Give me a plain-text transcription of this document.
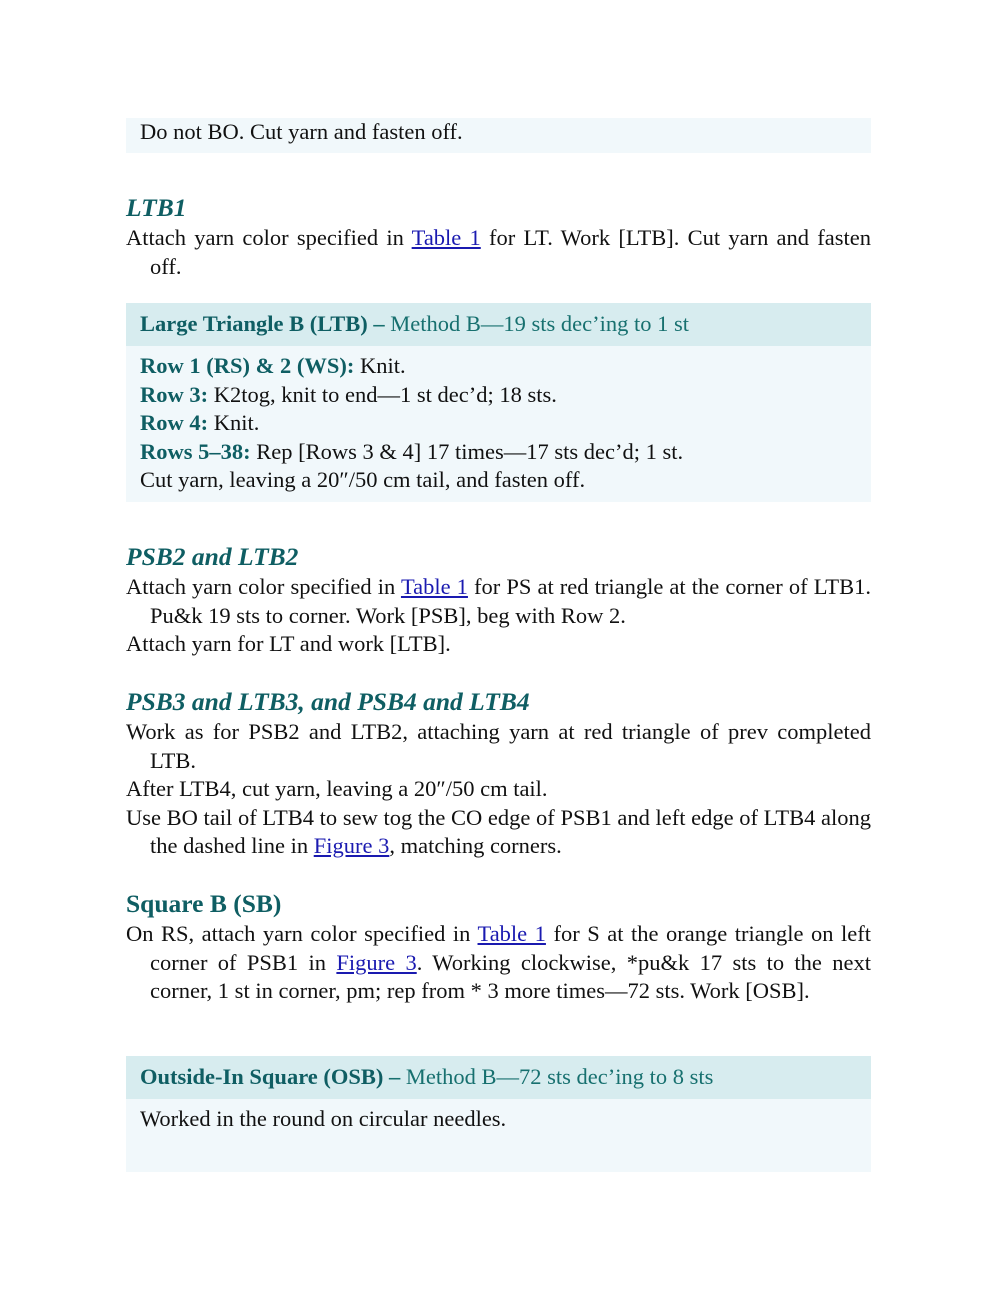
Do not BO. Cut yarn and fasten off.
LTB1

Attach yarn color specified in Table 1 for LT. Work [LTB]. Cut yarn and fasten off.

Large Triangle B (LTB) – Method B—19 sts dec’ing to 1 st
Row 1 (RS) & 2 (WS): Knit.
Row 3: K2tog, knit to end—1 st dec’d; 18 sts.
Row 4: Knit.
Rows 5–38: Rep [Rows 3 & 4] 17 times—17 sts dec’d; 1 st.
Cut yarn, leaving a 20″/50 cm tail, and fasten off.
PSB2 and LTB2

Attach yarn color specified in Table 1 for PS at red triangle at the corner of LTB1. Pu&k 19 sts to corner. Work [PSB], beg with Row 2.

Attach yarn for LT and work [LTB].

PSB3 and LTB3, and PSB4 and LTB4

Work as for PSB2 and LTB2, attaching yarn at red triangle of prev completed LTB.

After LTB4, cut yarn, leaving a 20″/50 cm tail.

Use BO tail of LTB4 to sew tog the CO edge of PSB1 and left edge of LTB4 along the dashed line in Figure 3, matching corners.

Square B (SB)

On RS, attach yarn color specified in Table 1 for S at the orange triangle on left corner of PSB1 in Figure 3. Working clockwise, *pu&k 17 sts to the next corner, 1 st in corner, pm; rep from * 3 more times—72 sts. Work [OSB].

Outside-In Square (OSB) – Method B—72 sts dec’ing to 8 sts
Worked in the round on circular needles.
